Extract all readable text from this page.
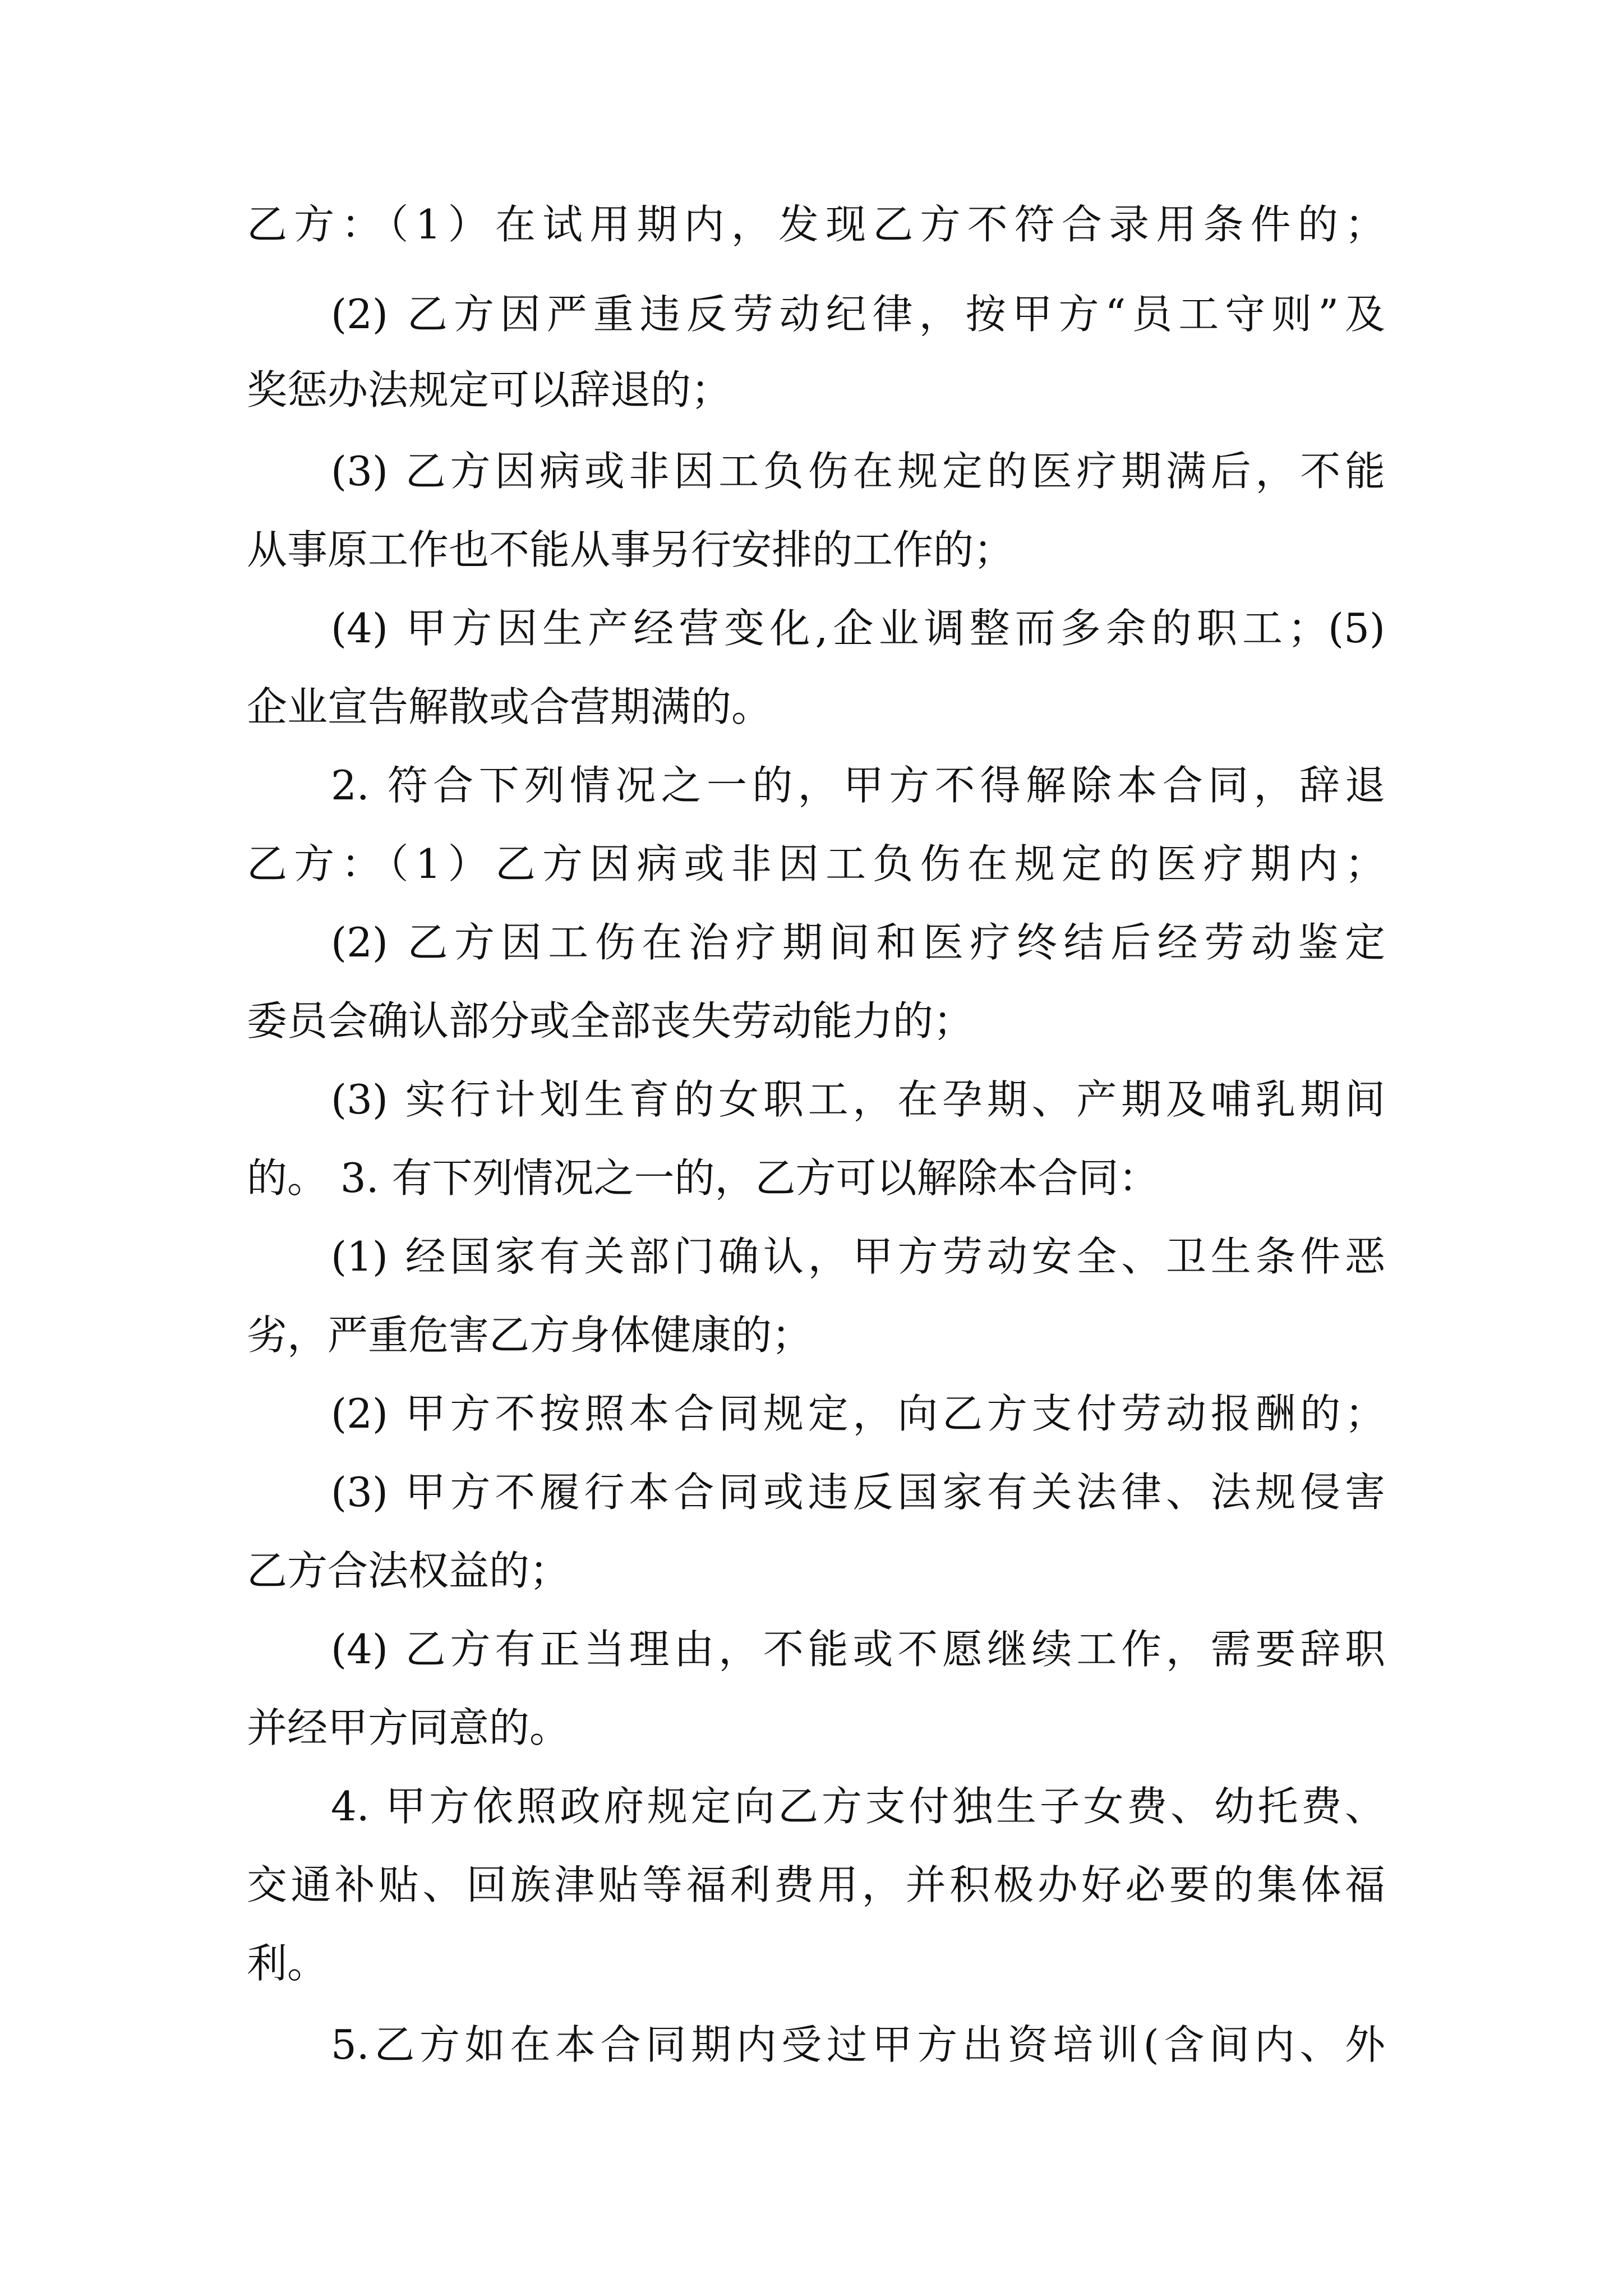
乙方：（1）在试用期内，发现乙方不符合录用条件的；
(2) 乙方因严重违反劳动纪律，按甲方“员工守则”及
奖惩办法规定可以辞退的；
(3) 乙方因病或非因工负伤在规定的医疗期满后，不能
从事原工作也不能从事另行安排的工作的；
(4) 甲方因生产经营变化,企业调整而多余的职工；(5)
企业宣告解散或合营期满的。
2. 符合下列情况之一的，甲方不得解除本合同，辞退
乙方：（1）乙方因病或非因工负伤在规定的医疗期内；
(2) 乙方因工伤在治疗期间和医疗终结后经劳动鉴定
委员会确认部分或全部丧失劳动能力的；
(3) 实行计划生育的女职工，在孕期、产期及哺乳期间
的。 3. 有下列情况之一的，乙方可以解除本合同：
(1) 经国家有关部门确认，甲方劳动安全、卫生条件恶
劣，严重危害乙方身体健康的；
(2) 甲方不按照本合同规定，向乙方支付劳动报酬的；
(3) 甲方不履行本合同或违反国家有关法律、法规侵害
乙方合法权益的；
(4) 乙方有正当理由，不能或不愿继续工作，需要辞职
并经甲方同意的。
4. 甲方依照政府规定向乙方支付独生子女费、幼托费、
交通补贴、回族津贴等福利费用，并积极办好必要的集体福
利。
5.乙方如在本合同期内受过甲方出资培训(含间内、外
